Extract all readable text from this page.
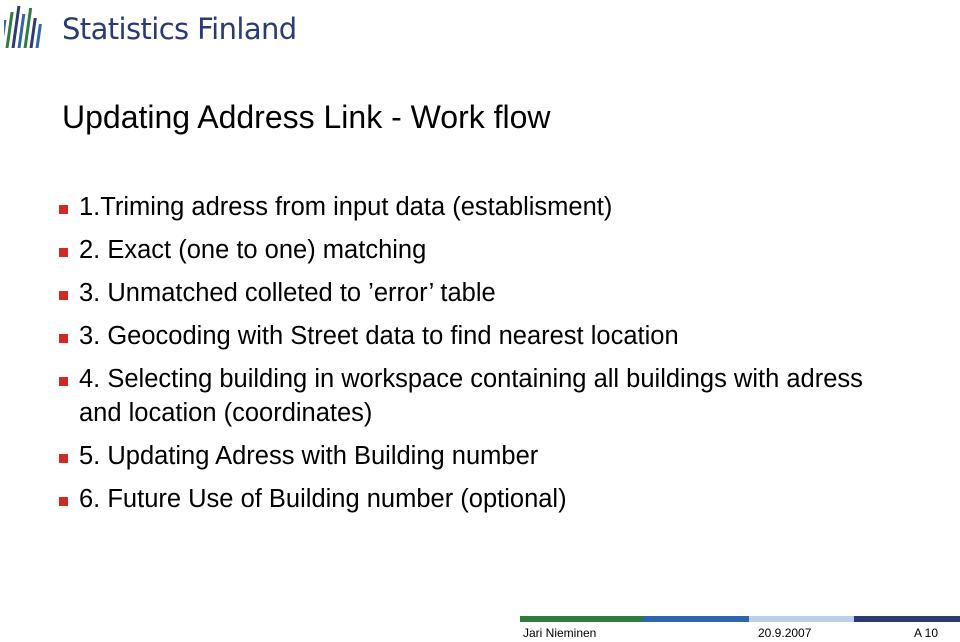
Statistics Finland
Updating Address Link - Work flow
1.Triming adress from input data (establisment)
2. Exact (one to one) matching
3. Unmatched colleted to ’error’ table
3. Geocoding with Street data to find nearest location
4. Selecting building in workspace containing all buildings with adress and location (coordinates)
5. Updating Adress with Building number
6. Future Use of Building number (optional)
Jari Nieminen	20.9.2007	A 10
